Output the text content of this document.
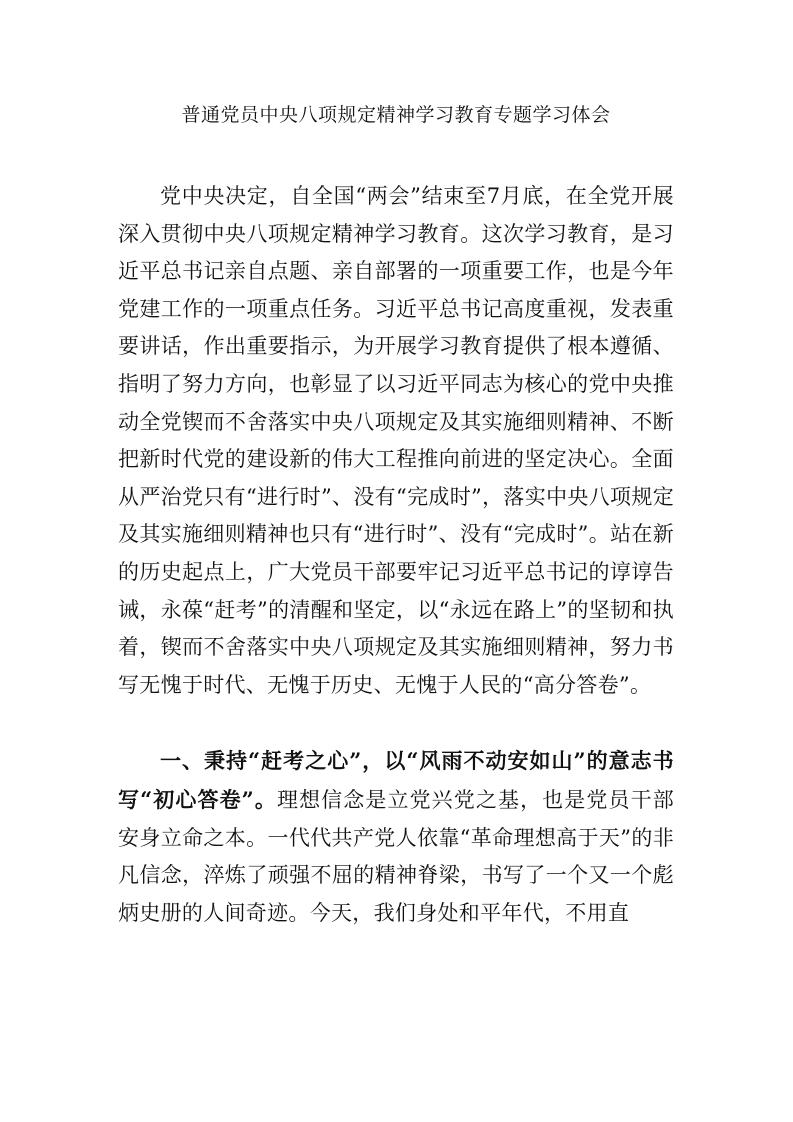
普通党员中央八项规定精神学习教育专题学习体会

党中央决定，自全国“两会”结束至7月底，在全党开展深入贯彻中央八项规定精神学习教育。这次学习教育，是习近平总书记亲自点题、亲自部署的一项重要工作，也是今年党建工作的一项重点任务。习近平总书记高度重视，发表重要讲话，作出重要指示，为开展学习教育提供了根本遵循、指明了努力方向，也彰显了以习近平同志为核心的党中央推动全党锲而不舍落实中央八项规定及其实施细则精神、不断把新时代党的建设新的伟大工程推向前进的坚定决心。全面从严治党只有“进行时”、没有“完成时”，落实中央八项规定及其实施细则精神也只有“进行时”、没有“完成时”。站在新的历史起点上，广大党员干部要牢记习近平总书记的谆谆告诫，永葆“赶考”的清醒和坚定，以“永远在路上”的坚韧和执着，锲而不舍落实中央八项规定及其实施细则精神，努力书写无愧于时代、无愧于历史、无愧于人民的“高分答卷”。

一、秉持“赶考之心”，以“风雨不动安如山”的意志书写“初心答卷”。理想信念是立党兴党之基，也是党员干部安身立命之本。一代代共产党人依靠“革命理想高于天”的非凡信念，淬炼了顽强不屈的精神脊梁，书写了一个又一个彪炳史册的人间奇迹。今天，我们身处和平年代，不用直
